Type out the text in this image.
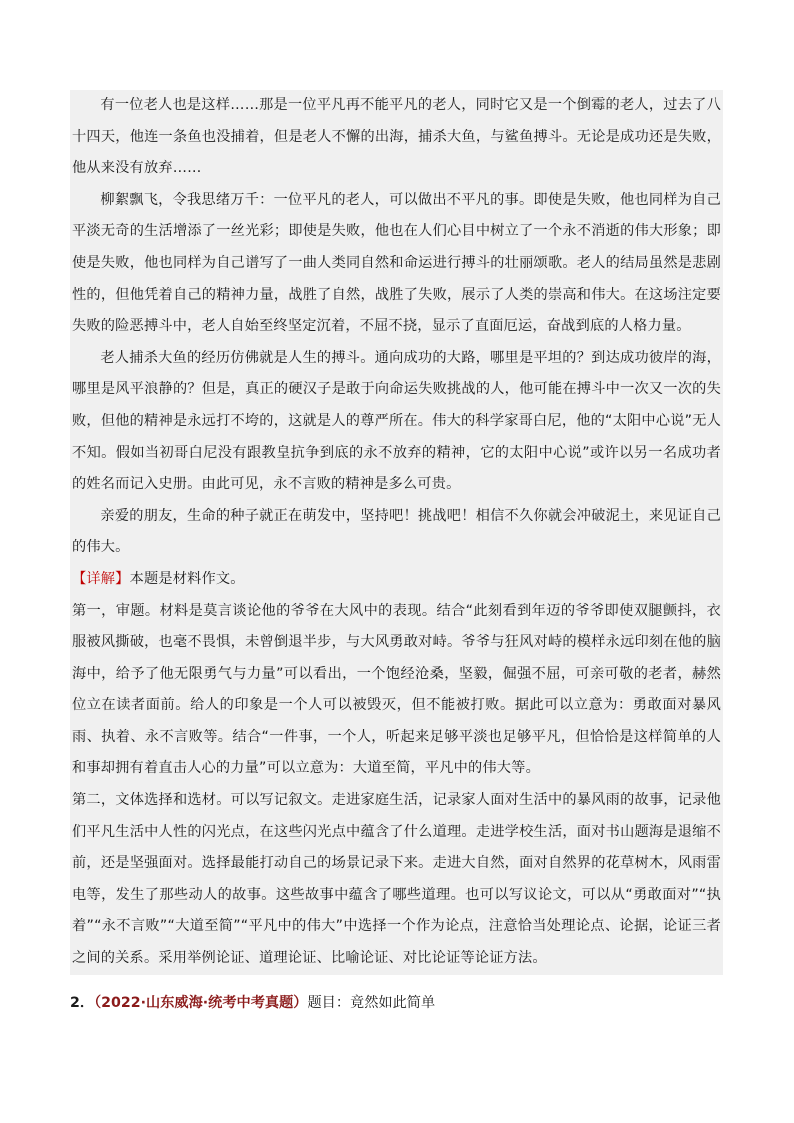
有一位老人也是这样……那是一位平凡再不能平凡的老人，同时它又是一个倒霉的老人，过去了八十四天，他连一条鱼也没捕着，但是老人不懈的出海，捕杀大鱼，与鲨鱼搏斗。无论是成功还是失败，他从来没有放弃……

柳絮飘飞，令我思绪万千：一位平凡的老人，可以做出不平凡的事。即使是失败，他也同样为自己平淡无奇的生活增添了一丝光彩；即使是失败，他也在人们心目中树立了一个永不消逝的伟大形象；即使是失败，他也同样为自己谱写了一曲人类同自然和命运进行搏斗的壮丽颂歌。老人的结局虽然是悲剧性的，但他凭着自己的精神力量，战胜了自然，战胜了失败，展示了人类的崇高和伟大。在这场注定要失败的险恶搏斗中，老人自始至终坚定沉着，不屈不挠，显示了直面厄运，奋战到底的人格力量。

老人捕杀大鱼的经历仿佛就是人生的搏斗。通向成功的大路，哪里是平坦的？到达成功彼岸的海，哪里是风平浪静的？但是，真正的硬汉子是敢于向命运失败挑战的人，他可能在搏斗中一次又一次的失败，但他的精神是永远打不垮的，这就是人的尊严所在。伟大的科学家哥白尼，他的“太阳中心说”无人不知。假如当初哥白尼没有跟教皇抗争到底的永不放弃的精神，它的太阳中心说”或许以另一名成功者的姓名而记入史册。由此可见，永不言败的精神是多么可贵。

亲爱的朋友，生命的种子就正在萌发中，坚持吧！挑战吧！相信不久你就会冲破泥土，来见证自己的伟大。

【详解】本题是材料作文。

第一，审题。材料是莫言谈论他的爷爷在大风中的表现。结合“此刻看到年迈的爷爷即使双腿颤抖，衣服被风撕破，也毫不畏惧，未曾倒退半步，与大风勇敢对峙。爷爷与狂风对峙的模样永远印刻在他的脑海中，给予了他无限勇气与力量”可以看出，一个饱经沧桑，坚毅，倔强不屈，可亲可敬的老者，赫然位立在读者面前。给人的印象是一个人可以被毁灭，但不能被打败。据此可以立意为：勇敢面对暴风雨、执着、永不言败等。结合“一件事，一个人，听起来足够平淡也足够平凡，但恰恰是这样简单的人和事却拥有着直击人心的力量”可以立意为：大道至简，平凡中的伟大等。

第二，文体选择和选材。可以写记叙文。走进家庭生活，记录家人面对生活中的暴风雨的故事，记录他们平凡生活中人性的闪光点，在这些闪光点中蕴含了什么道理。走进学校生活，面对书山题海是退缩不前，还是坚强面对。选择最能打动自己的场景记录下来。走进大自然，面对自然界的花草树木，风雨雷电等，发生了那些动人的故事。这些故事中蕴含了哪些道理。也可以写议论文，可以从“勇敢面对”“执着”“永不言败”“大道至简”“平凡中的伟大”中选择一个作为论点，注意恰当处理论点、论据，论证三者之间的关系。采用举例论证、道理论证、比喻论证、对比论证等论证方法。

2．（2022·山东威海·统考中考真题）题目：竟然如此简单
